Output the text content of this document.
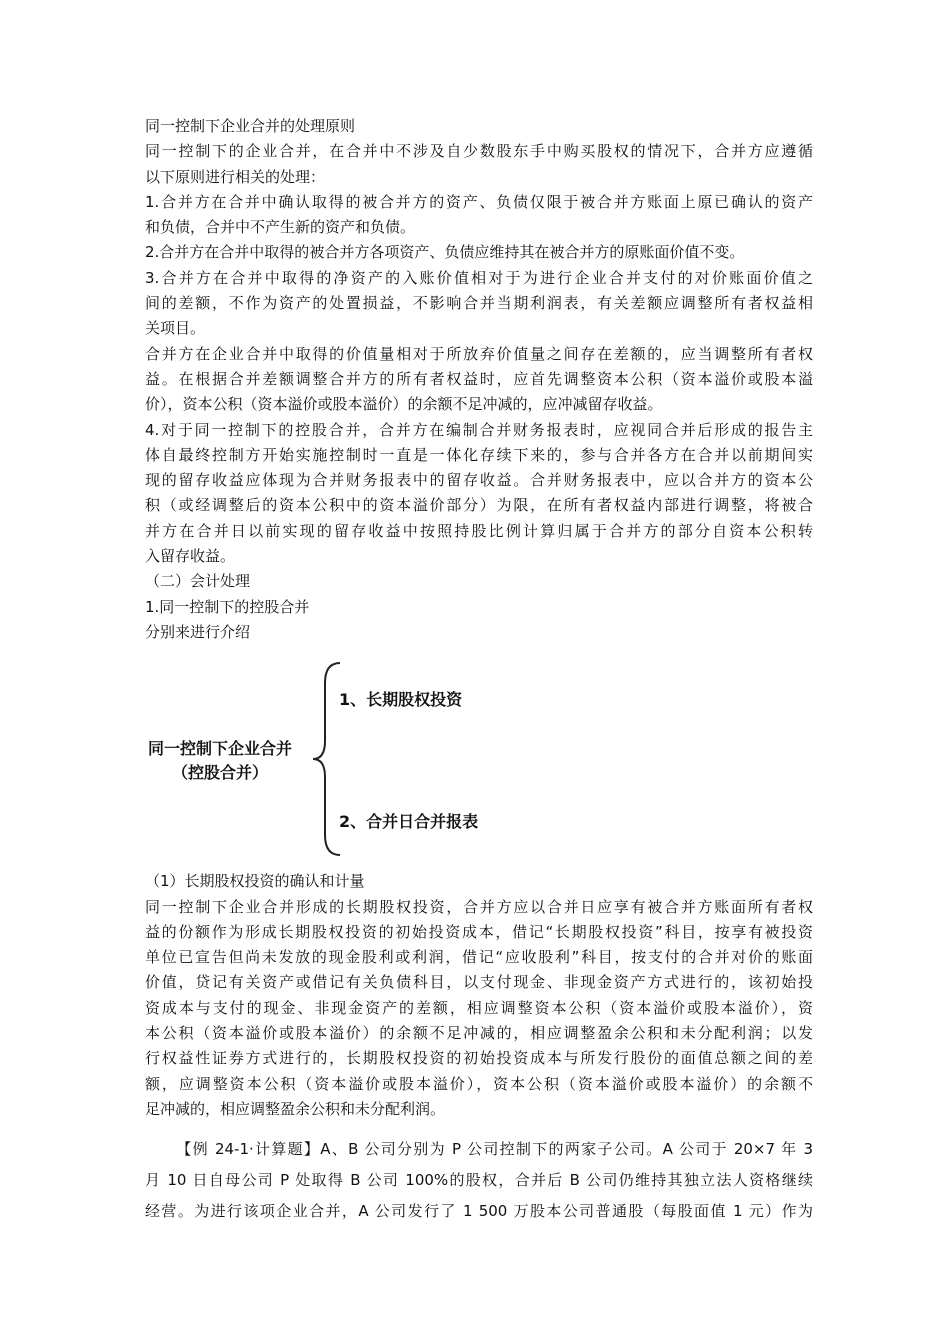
同一控制下企业合并的处理原则

同一控制下的企业合并，在合并中不涉及自少数股东手中购买股权的情况下，合并方应遵循

以下原则进行相关的处理：

1.合并方在合并中确认取得的被合并方的资产、负债仅限于被合并方账面上原已确认的资产

和负债，合并中不产生新的资产和负债。

2.合并方在合并中取得的被合并方各项资产、负债应维持其在被合并方的原账面价值不变。

3.合并方在合并中取得的净资产的入账价值相对于为进行企业合并支付的对价账面价值之

间的差额，不作为资产的处置损益，不影响合并当期利润表，有关差额应调整所有者权益相

关项目。

合并方在企业合并中取得的价值量相对于所放弃价值量之间存在差额的，应当调整所有者权

益。在根据合并差额调整合并方的所有者权益时，应首先调整资本公积（资本溢价或股本溢

价），资本公积（资本溢价或股本溢价）的余额不足冲减的，应冲减留存收益。

4.对于同一控制下的控股合并，合并方在编制合并财务报表时，应视同合并后形成的报告主

体自最终控制方开始实施控制时一直是一体化存续下来的，参与合并各方在合并以前期间实

现的留存收益应体现为合并财务报表中的留存收益。合并财务报表中，应以合并方的资本公

积（或经调整后的资本公积中的资本溢价部分）为限，在所有者权益内部进行调整，将被合

并方在合并日以前实现的留存收益中按照持股比例计算归属于合并方的部分自资本公积转

入留存收益。

（二）会计处理

1.同一控制下的控股合并

分别来进行介绍

同一控制下企业合并
（控股合并）
1、长期股权投资
2、合并日合并报表

（1）长期股权投资的确认和计量

同一控制下企业合并形成的长期股权投资，合并方应以合并日应享有被合并方账面所有者权

益的份额作为形成长期股权投资的初始投资成本，借记“长期股权投资”科目，按享有被投资

单位已宣告但尚未发放的现金股利或利润，借记“应收股利”科目，按支付的合并对价的账面

价值，贷记有关资产或借记有关负债科目，以支付现金、非现金资产方式进行的，该初始投

资成本与支付的现金、非现金资产的差额，相应调整资本公积（资本溢价或股本溢价），资

本公积（资本溢价或股本溢价）的余额不足冲减的，相应调整盈余公积和未分配利润；以发

行权益性证券方式进行的，长期股权投资的初始投资成本与所发行股份的面值总额之间的差

额，应调整资本公积（资本溢价或股本溢价），资本公积（资本溢价或股本溢价）的余额不

足冲减的，相应调整盈余公积和未分配利润。

【例 24-1·计算题】A、B 公司分别为 P 公司控制下的两家子公司。A 公司于 20×7 年 3

月 10 日自母公司 P 处取得 B 公司 100%的股权，合并后 B 公司仍维持其独立法人资格继续

经营。为进行该项企业合并，A 公司发行了 1 500 万股本公司普通股（每股面值 1 元）作为
